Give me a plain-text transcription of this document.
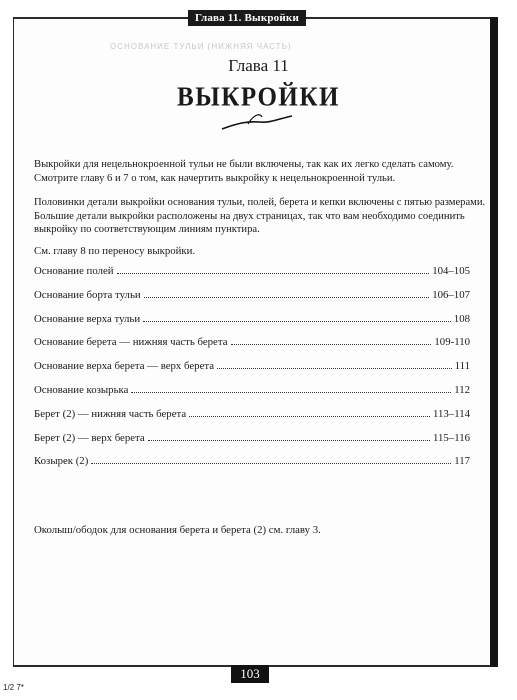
Глава 11. Выкройки
ОСНОВАНИЕ ТУЛЬИ (НИЖНЯЯ ЧАСТЬ)
Глава 11
ВЫКРОЙКИ
Выкройки для нецельнокроенной тульи не были включены, так как их легко сделать самому. Смотрите главу 6 и 7 о том, как начертить выкройку к нецельнокроенной тульи.
Половинки детали выкройки основания тульи, полей, берета и кепки включены с пятью размерами. Большие детали выкройки расположены на двух страницах, так что вам необходимо соединить выкройку по соответствующим линиям пунктира.
См. главу 8 по переносу выкройки.
Основание полей	104–105
Основание борта тульи	106–107
Основание верха тульи	108
Основание берета — нижняя часть берета	109-110
Основание верха берета — верх берета	111
Основание козырька	112
Берет (2) — нижняя часть берета	113–114
Берет (2) — верх берета	115–116
Козырек (2)	117
Околыш/ободок для основания берета и берета (2) см. главу 3.
103
1/2 7*
